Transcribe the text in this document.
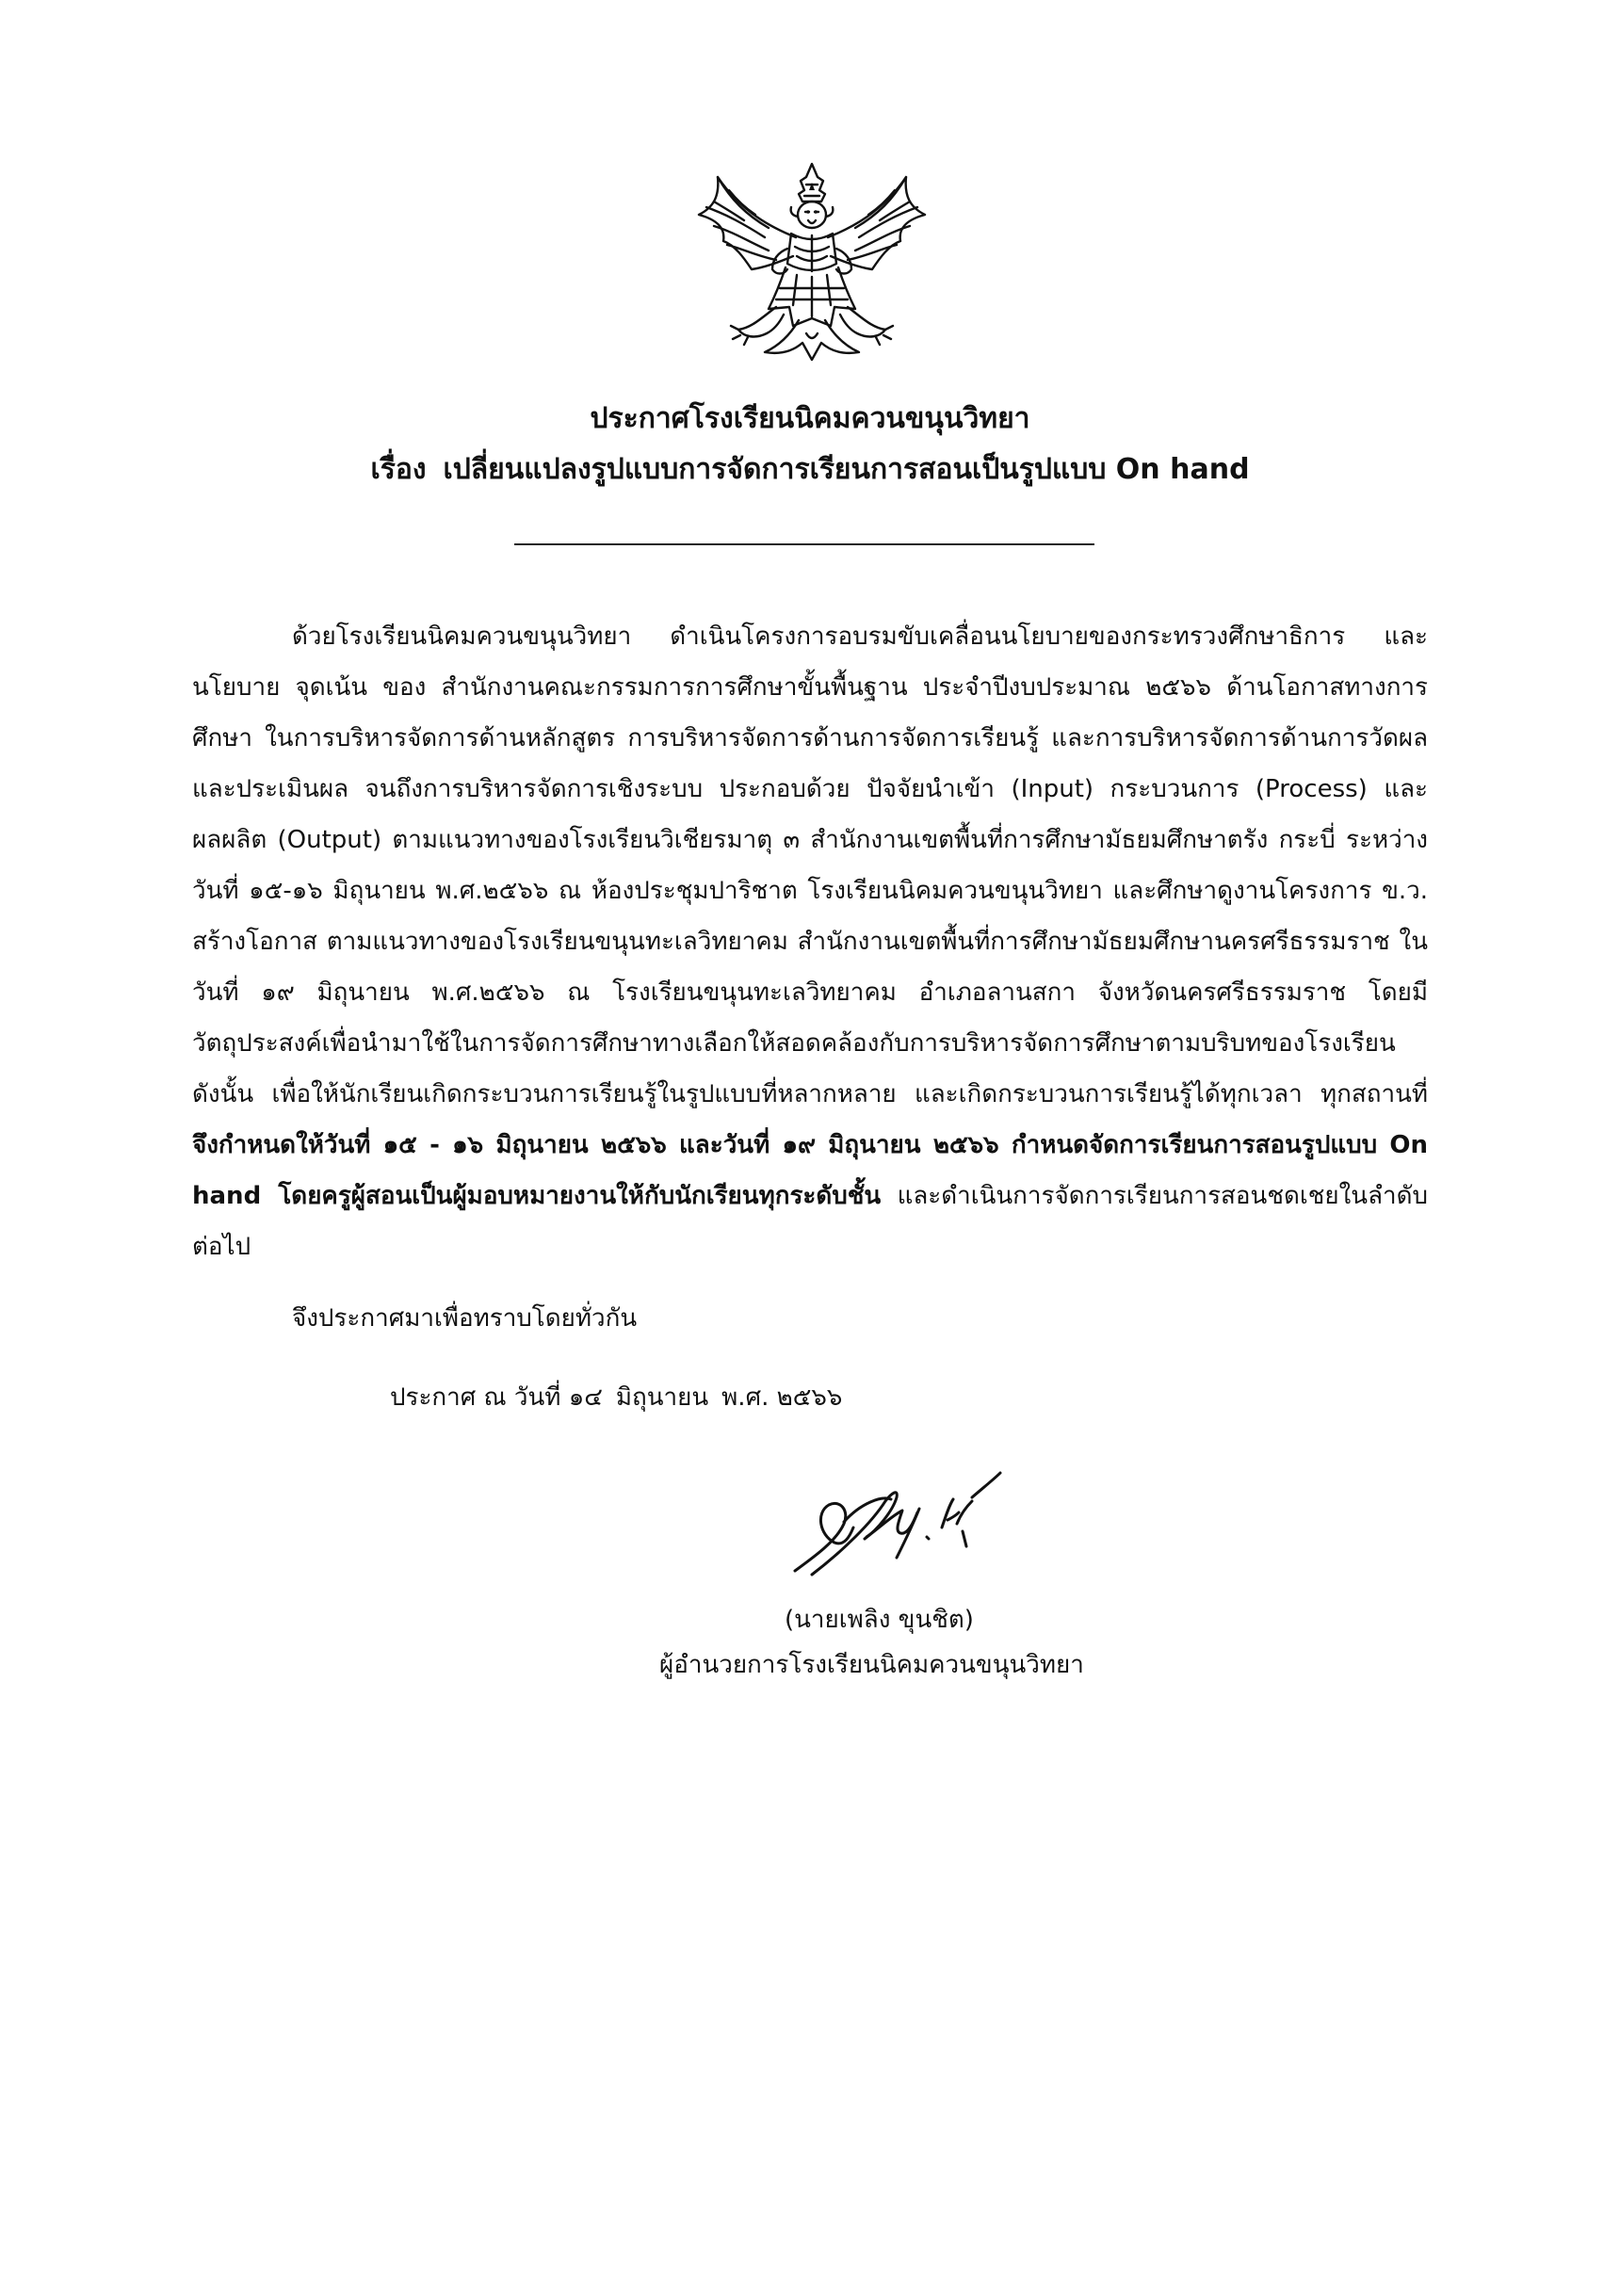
ประกาศโรงเรียนนิคมควนขนุนวิทยา
เรื่อง เปลี่ยนแปลงรูปแบบการจัดการเรียนการสอนเป็นรูปแบบ On hand

ด้วยโรงเรียนนิคมควนขนุนวิทยา ดำเนินโครงการอบรมขับเคลื่อนนโยบายของกระทรวงศึกษาธิการ และนโยบาย จุดเน้น ของ สำนักงานคณะกรรมการการศึกษาขั้นพื้นฐาน ประจำปีงบประมาณ ๒๕๖๖ ด้านโอกาสทางการศึกษา ในการบริหารจัดการด้านหลักสูตร การบริหารจัดการด้านการจัดการเรียนรู้ และการบริหารจัดการด้านการวัดผลและประเมินผล จนถึงการบริหารจัดการเชิงระบบ ประกอบด้วย ปัจจัยนำเข้า (Input) กระบวนการ (Process) และผลผลิต (Output) ตามแนวทางของโรงเรียนวิเชียรมาตุ ๓ สำนักงานเขตพื้นที่การศึกษามัธยมศึกษาตรัง กระบี่ ระหว่างวันที่ ๑๕-๑๖ มิถุนายน พ.ศ.๒๕๖๖ ณ ห้องประชุมปาริชาต โรงเรียนนิคมควนขนุนวิทยา และศึกษาดูงานโครงการ ข.ว. สร้างโอกาส ตามแนวทางของโรงเรียนขนุนทะเลวิทยาคม สำนักงานเขตพื้นที่การศึกษามัธยมศึกษานครศรีธรรมราช ในวันที่ ๑๙ มิถุนายน พ.ศ.๒๕๖๖ ณ โรงเรียนขนุนทะเลวิทยาคม อำเภอลานสกา จังหวัดนครศรีธรรมราช โดยมีวัตถุประสงค์เพื่อนำมาใช้ในการจัดการศึกษาทางเลือกให้สอดคล้องกับการบริหารจัดการศึกษาตามบริบทของโรงเรียน ดังนั้น เพื่อให้นักเรียนเกิดกระบวนการเรียนรู้ในรูปแบบที่หลากหลาย และเกิดกระบวนการเรียนรู้ได้ทุกเวลา ทุกสถานที่ จึงกำหนดให้วันที่ ๑๕ - ๑๖ มิถุนายน ๒๕๖๖ และวันที่ ๑๙ มิถุนายน ๒๕๖๖ กำหนดจัดการเรียนการสอนรูปแบบ On hand โดยครูผู้สอนเป็นผู้มอบหมายงานให้กับนักเรียนทุกระดับชั้น และดำเนินการจัดการเรียนการสอนชดเชยในลำดับต่อไป

จึงประกาศมาเพื่อทราบโดยทั่วกัน
ประกาศ ณ วันที่ ๑๔ มิถุนายน พ.ศ. ๒๕๖๖
(นายเพลิง ขุนชิต)
ผู้อำนวยการโรงเรียนนิคมควนขนุนวิทยา
